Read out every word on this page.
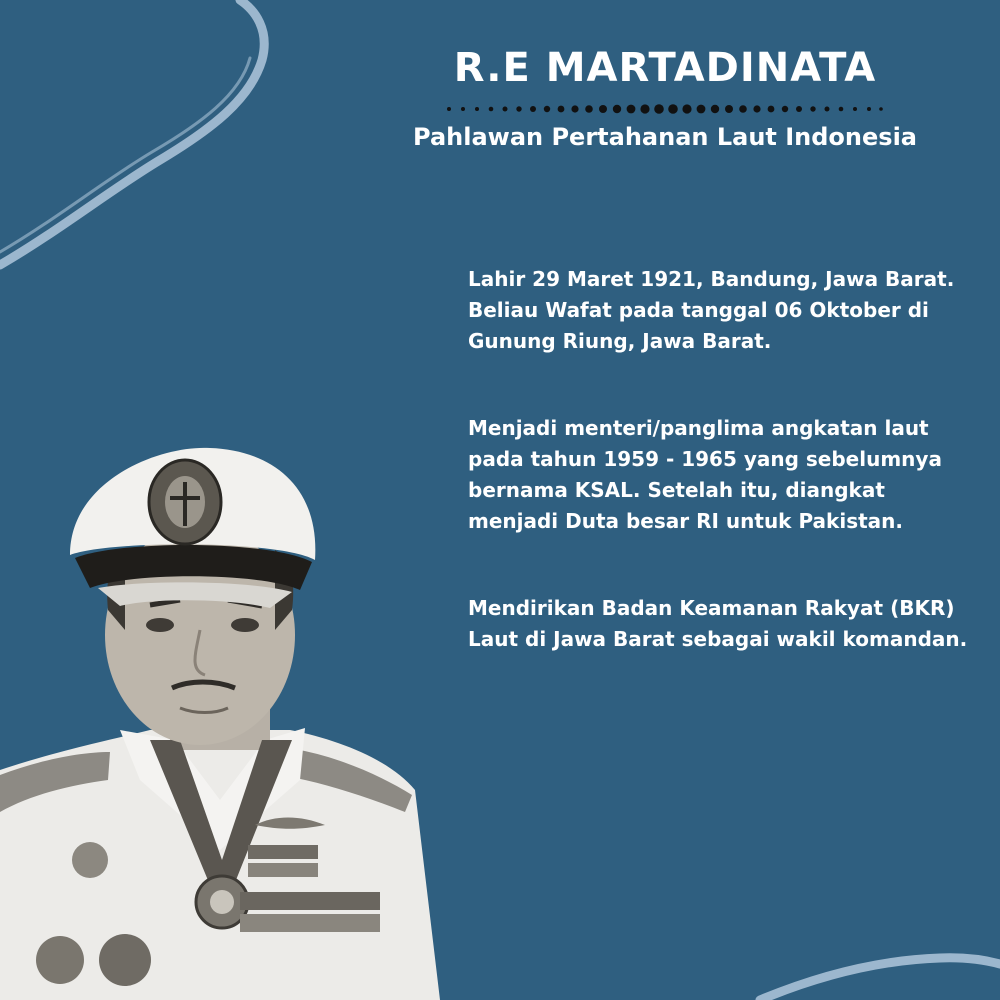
R.E MARTADINATA

Pahlawan Pertahanan Laut Indonesia

Lahir 29 Maret 1921, Bandung, Jawa Barat. Beliau Wafat pada tanggal 06 Oktober di Gunung Riung, Jawa Barat.

Menjadi menteri/panglima angkatan laut pada tahun 1959 - 1965 yang sebelumnya bernama KSAL. Setelah itu, diangkat menjadi Duta besar RI untuk Pakistan.

Mendirikan Badan Keamanan Rakyat (BKR) Laut di Jawa Barat sebagai wakil komandan.
